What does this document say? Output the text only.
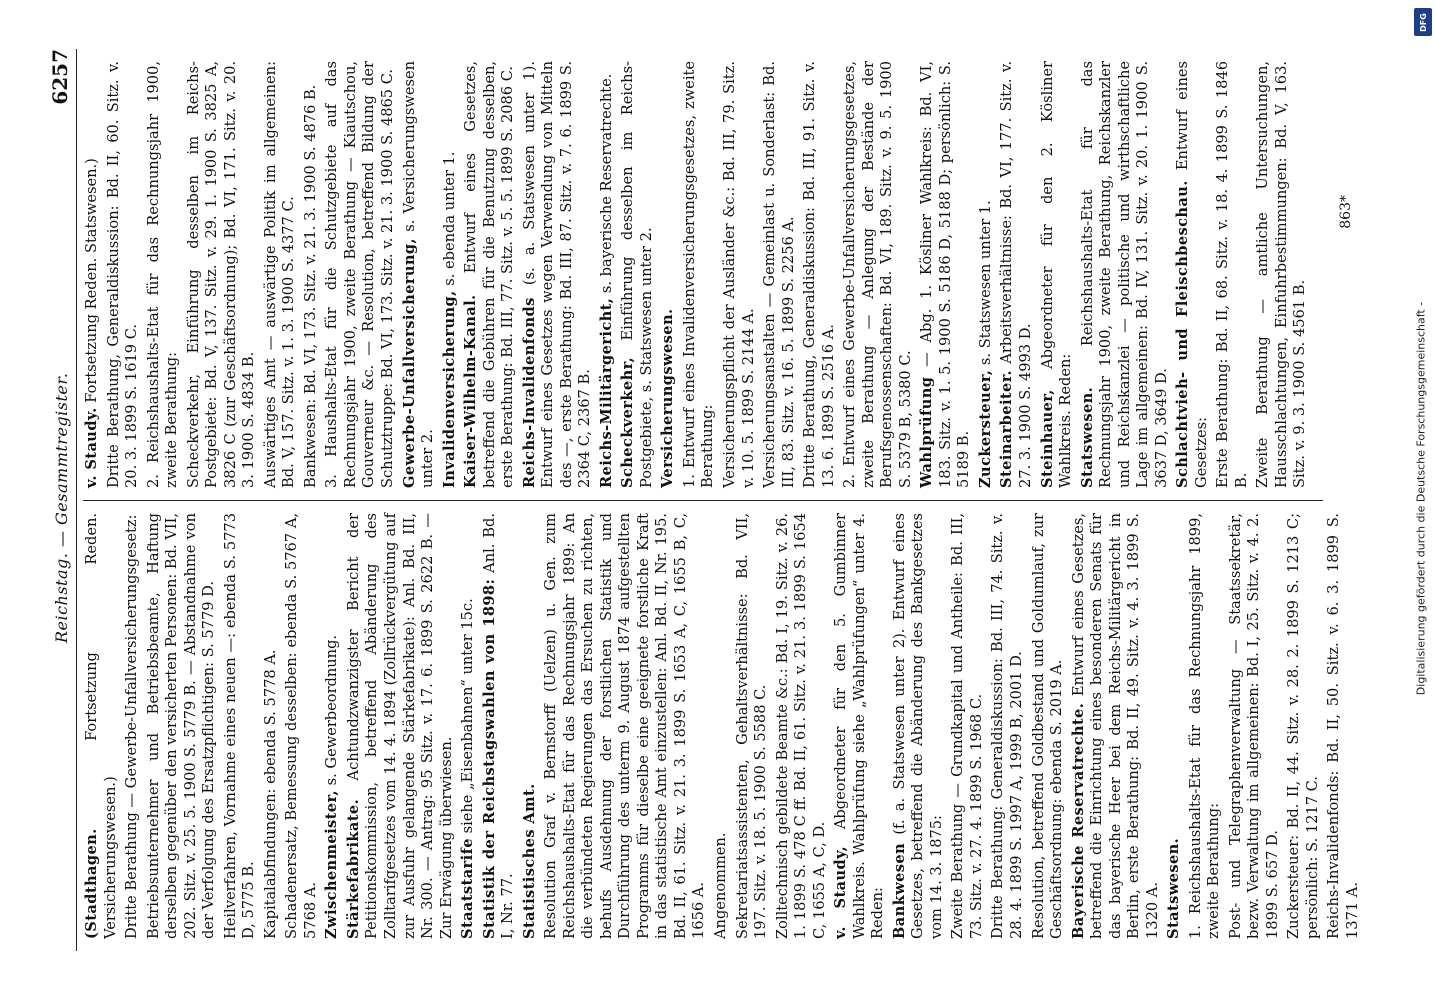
Reichstag. — Gesammtregister.
6257
(Stadthagen. Fortsetzung Reden. Versicherungswesen.) Dritte Berathung — Gewerbe-Unfallversicherungsgesetz: Betriebsunternehmer und Betriebsbeamte, Haftung derselben gegenüber den versicherten Personen: Bd. VII, 202. Sitz. v. 25. 5. 1900 S. 5779 B. — Abstandnahme von der Verfolgung des Ersatzpflichtigen: S. 5779 D. Heilverfahren, Vornahme eines neuen —: ebenda S. 5773 D, 5775 B. Kapitalabfindungen: ebenda S. 5778 A. Schadenersatz, Bemessung desselben: ebenda S. 5767 A, 5768 A. Zwischenmeister, s. Gewerbeordnung.
Stärkefabrikate. Achtundzwanzigster Bericht der Petitionskommission, betreffend Abänderung des Zolltarifgesetzes vom 14. 4. 1894 (Zollrückvergütung auf zur Ausfuhr gelangende Stärkefabrikate): Anl. Bd. III, Nr. 300. — Antrag: 95 Sitz. v. 17. 6. 1899 S. 2622 B. — Zur Erwägung überwiesen. Staatstarife siehe „Eisenbahnen“ unter 15c. Statistik der Reichstagswahlen von 1898: Anl. Bd. I, Nr. 77. Statistisches Amt. Resolution Graf v. Bernstorff (Uelzen) u. Gen. zum Reichshaushalts-Etat für das Rechnungsjahr 1899: An die verbündeten Regierungen das Ersuchen zu richten, behufs Ausdehnung der forstlichen Statistik und Durchführung des unterm 9. August 1874 aufgestellten Programms für dieselbe eine geeignete forstliche Kraft in das statistische Amt einzustellen: Anl. Bd. II, Nr. 195. Bd. II, 61. Sitz. v. 21. 3. 1899 S. 1653 A, C, 1655 B, C, 1656 A. Angenommen. Sekretariatsassistenten, Gehaltsverhältnisse: Bd. VII, 197. Sitz. v. 18. 5. 1900 S. 5588 C. Zolltechnisch gebildete Beamte &c.: Bd. I, 19. Sitz. v. 26. 1. 1899 S. 478 C ff. Bd. II, 61. Sitz. v. 21. 3. 1899 S. 1654 C, 1655 A, C, D. v. Staudy, Abgeordneter für den 5. Gumbinner Wahlkreis. Wahlprüfung siehe „Wahlprüfungen“ unter 4. Reden: Bankwesen (f. a. Statswesen unter 2). Entwurf eines Gesetzes, betreffend die Abänderung des Bankgesetzes vom 14. 3. 1875: Zweite Berathung — Grundkapital und Antheile: Bd. III, 73. Sitz. v. 27. 4. 1899 S. 1968 C. Dritte Berathung: Generaldiskussion: Bd. III, 74. Sitz. v. 28. 4. 1899 S. 1997 A, 1999 B, 2001 D. Resolution, betreffend Goldbestand und Goldumlauf, zur Geschäftsordnung: ebenda S. 2019 A. Bayerische Reservatrechte. Entwurf eines Gesetzes, betreffend die Einrichtung eines besonderen Senats für das bayerische Heer bei dem Reichs-Militärgericht in Berlin, erste Berathung: Bd. II, 49. Sitz. v. 4. 3. 1899 S. 1320 A. Statswesen. 1. Reichshaushalts-Etat für das Rechnungsjahr 1899, zweite Berathung: Post- und Telegraphenverwaltung — Staatssekretär, bezw. Verwaltung im allgemeinen: Bd. I, 25. Sitz. v. 4. 2. 1899 S. 657 D. Zuckersteuer: Bd. II, 44. Sitz. v. 28. 2. 1899 S. 1213 C; persönlich: S. 1217 C. Reichs-Invalidenfonds: Bd. II, 50. Sitz. v. 6. 3. 1899 S. 1371 A.
v. Staudy. Fortsetzung Reden. Statswesen.) Dritte Berathung, Generaldiskussion: Bd. II, 60. Sitz. v. 20. 3. 1899 S. 1619 C. 2. Reichshaushalts-Etat für das Rechnungsjahr 1900, zweite Berathung: Scheckverkehr, Einführung desselben im Reichs-Postgebiete: Bd. V, 137. Sitz. v. 29. 1. 1900 S. 3825 A, 3826 C (zur Geschäftsordnung); Bd. VI, 171. Sitz. v. 20. 3. 1900 S. 4834 B. Auswärtiges Amt — auswärtige Politik im allgemeinen: Bd. V, 157. Sitz. v. 1. 3. 1900 S. 4377 C. Bankwesen: Bd. VI, 173. Sitz. v. 21. 3. 1900 S. 4876 B. 3. Haushalts-Etat für die Schutzgebiete auf das Rechnungsjahr 1900, zweite Berathung — Kiautschou, Gouverneur &c. — Resolution, betreffend Bildung der Schutztruppe: Bd. VI, 173. Sitz. v. 21. 3. 1900 S. 4865 C. Gewerbe-Unfallversicherung, s. Versicherungswesen unter 2. Invalidenversicherung, s. ebenda unter 1.
Kaiser-Wilhelm-Kanal. Entwurf eines Gesetzes, betreffend die Gebühren für die Benutzung desselben, erste Berathung: Bd. III, 77. Sitz. v. 5. 5. 1899 S. 2086 C. Reichs-Invalidenfonds (s. a. Statswesen unter 1). Entwurf eines Gesetzes wegen Verwendung von Mitteln des —, erste Berathung: Bd. III, 87. Sitz. v. 7. 6. 1899 S. 2364 C, 2367 B. Reichs-Militärgericht, s. bayerische Reservatrechte.
Scheckverkehr, Einführung desselben im Reichs-Postgebiete, s. Statswesen unter 2. Versicherungswesen. 1. Entwurf eines Invalidenversicherungsgesetzes, zweite Berathung: Versicherungspflicht der Ausländer &c.: Bd. III, 79. Sitz. v. 10. 5. 1899 S. 2144 A. Versicherungsanstalten — Gemeinlast u. Sonderlast: Bd. III, 83. Sitz. v. 16. 5. 1899 S. 2256 A. Dritte Berathung, Generaldiskussion: Bd. III, 91. Sitz. v. 13. 6. 1899 S. 2516 A. 2. Entwurf eines Gewerbe-Unfallversicherungsgesetzes, zweite Berathung — Anlegung der Bestände der Berufsgenossenschaften: Bd. VI, 189. Sitz. v. 9. 5. 1900 S. 5379 B, 5380 C. Wahlprüfung — Abg. 1. Kösliner Wahlkreis: Bd. VI, 183. Sitz. v. 1. 5. 1900 S. 5186 D, 5188 D; persönlich: S. 5189 B. Zuckersteuer, s. Statswesen unter 1.
Steinarbeiter. Arbeitsverhältnisse: Bd. VI, 177. Sitz. v. 27. 3. 1900 S. 4993 D. Steinhauer, Abgeordneter für den 2. Kösliner Wahlkreis. Reden: Statswesen. Reichshaushalts-Etat für das Rechnungsjahr 1900, zweite Berathung, Reichskanzler und Reichskanzlei — politische und wirthschaftliche Lage im allgemeinen: Bd. IV, 131. Sitz. v. 20. 1. 1900 S. 3637 D, 3649 D. Schlachtvieh- und Fleischbeschau. Entwurf eines Gesetzes: Erste Berathung: Bd. II, 68. Sitz. v. 18. 4. 1899 S. 1846 B. Zweite Berathung — amtliche Untersuchungen, Hausschlachtungen, Einfuhrbestimmungen: Bd. V, 163. Sitz. v. 9. 3. 1900 S. 4561 B.
863*
Digitalisierung gefördert durch die Deutsche Forschungsgemeinschaft -
DFG
